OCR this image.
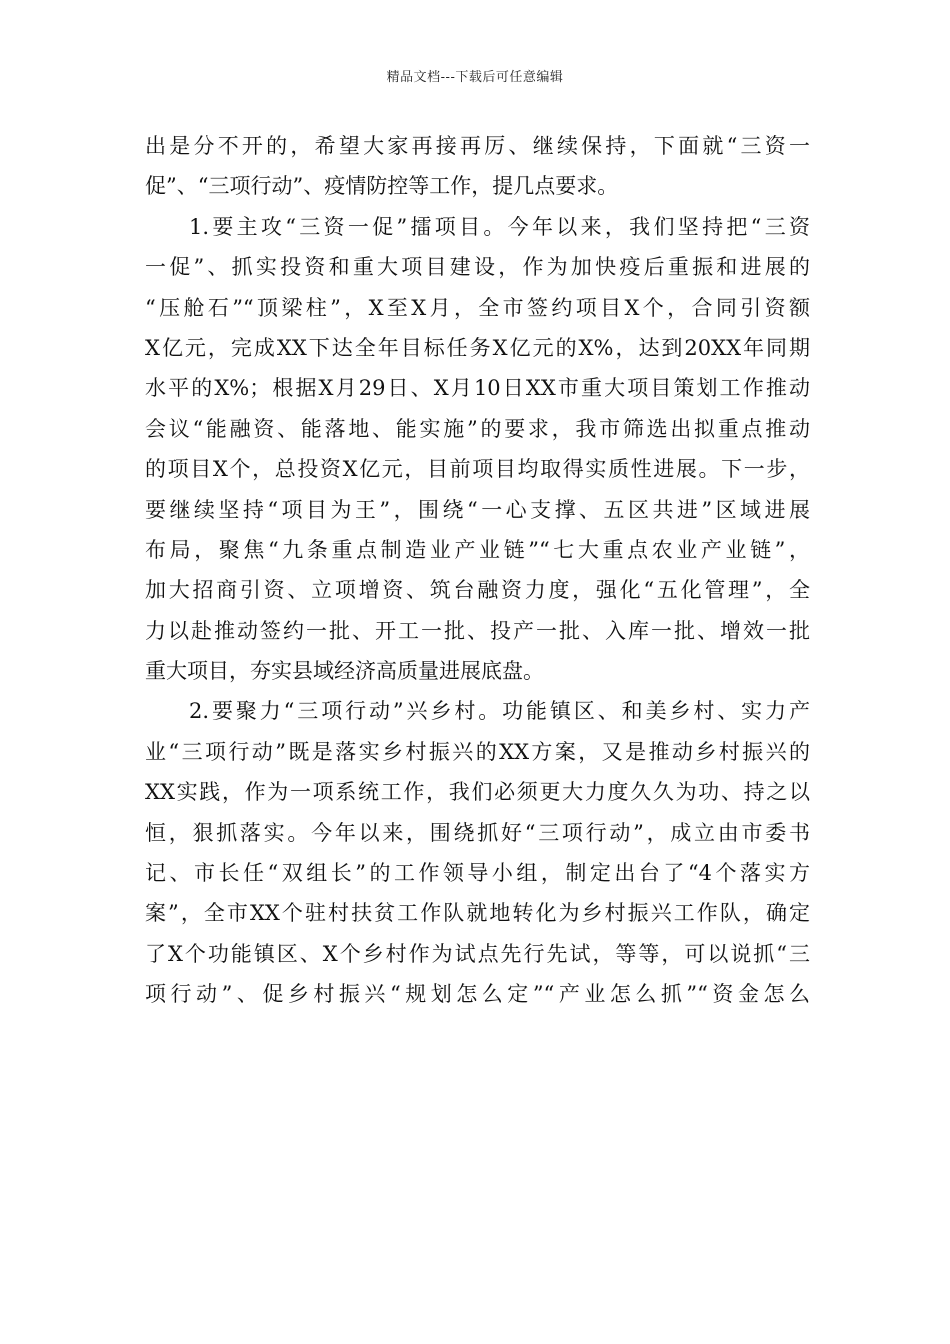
精品文档---下载后可任意编辑
出是分不开的，希望大家再接再厉、继续保持，下面就“三资一
促”、“三项行动”、疫情防控等工作，提几点要求。
1.要主攻“三资一促”擂项目。今年以来，我们坚持把“三资
一促”、抓实投资和重大项目建设，作为加快疫后重振和进展的
“压舱石”“顶梁柱”，X至X月，全市签约项目X个，合同引资额
X亿元，完成XX下达全年目标任务X亿元的X%，达到20XX年同期
水平的X%；根据X月29日、X月10日XX市重大项目策划工作推动
会议“能融资、能落地、能实施”的要求，我市筛选出拟重点推动
的项目X个，总投资X亿元，目前项目均取得实质性进展。下一步，
要继续坚持“项目为王”，围绕“一心支撑、五区共进”区域进展
布局，聚焦“九条重点制造业产业链”“七大重点农业产业链”，
加大招商引资、立项增资、筑台融资力度，强化“五化管理”，全
力以赴推动签约一批、开工一批、投产一批、入库一批、增效一批
重大项目，夯实县域经济高质量进展底盘。
2.要聚力“三项行动”兴乡村。功能镇区、和美乡村、实力产
业“三项行动”既是落实乡村振兴的XX方案，又是推动乡村振兴的
XX实践，作为一项系统工作，我们必须更大力度久久为功、持之以
恒，狠抓落实。今年以来，围绕抓好“三项行动”，成立由市委书
记、市长任“双组长”的工作领导小组，制定出台了“4个落实方
案”，全市XX个驻村扶贫工作队就地转化为乡村振兴工作队，确定
了X个功能镇区、X个乡村作为试点先行先试，等等，可以说抓“三
项行动”、促乡村振兴“规划怎么定”“产业怎么抓”“资金怎么
